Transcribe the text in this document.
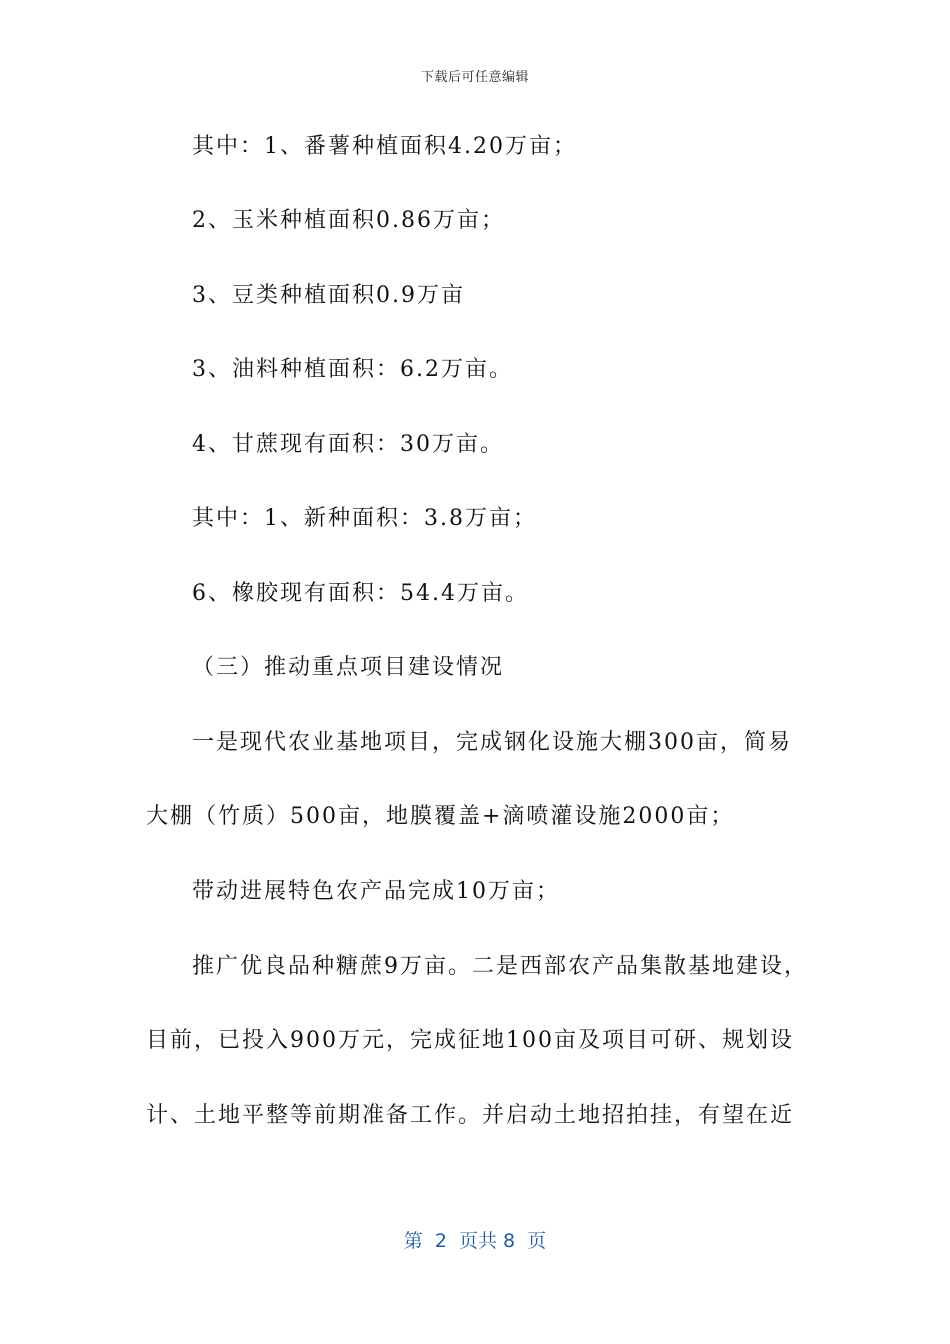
下载后可任意编辑
其中：1、番薯种植面积4.20万亩；
2、玉米种植面积0.86万亩；
3、豆类种植面积0.9万亩
3、油料种植面积：6.2万亩。
4、甘蔗现有面积：30万亩。
其中：1、新种面积：3.8万亩；
6、橡胶现有面积：54.4万亩。
（三）推动重点项目建设情况
一是现代农业基地项目，完成钢化设施大棚300亩，简易
大棚（竹质）500亩，地膜覆盖+滴喷灌设施2000亩；
带动进展特色农产品完成10万亩；
推广优良品种糖蔗9万亩。二是西部农产品集散基地建设，
目前，已投入900万元，完成征地100亩及项目可研、规划设
计、土地平整等前期准备工作。并启动土地招拍挂，有望在近
第  2  页共 8  页
